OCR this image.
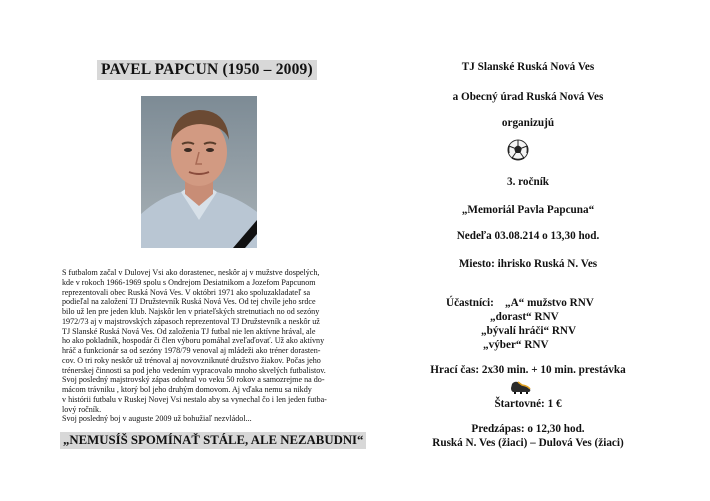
PAVEL PAPCUN (1950 – 2009)
S futbalom začal v Dulovej Vsi ako dorastenec, neskôr aj v mužstve dospelých,
kde v rokoch 1966-1969 spolu s Ondrejom Desiatnikom a Jozefom Papcunom
reprezentovali obec Ruská Nová Ves. V októbri 1971 ako spoluzakladateľ sa
podieľal na založení TJ Družstevník Ruská Nová Ves. Od tej chvíle jeho srdce
bilo už len pre jeden klub. Najskôr len v priateľských stretnutiach no od sezóny
1972/73 aj v majstrovských zápasoch reprezentoval TJ Družstevník a neskôr už
TJ Slanské Ruská Nová Ves. Od založenia TJ futbal nie len aktívne hrával, ale
ho ako pokladník, hospodár či člen výboru pomáhal zveľaďovať. Už ako aktívny
hráč a funkcionár sa od sezóny 1978/79 venoval aj mládeži ako tréner dorasten-
cov. O tri roky neskôr už trénoval aj novovzniknuté družstvo žiakov. Počas jeho
trénerskej činnosti sa pod jeho vedením vypracovalo mnoho skvelých futbalistov.
Svoj posledný majstrovský zápas odohral vo veku 50 rokov a samozrejme na do-
mácom trávniku , ktorý bol jeho druhým domovom. Aj vďaka nemu sa nikdy
v histórii futbalu v Ruskej Novej Vsi nestalo aby sa vynechal čo i len jeden futba-
lový ročník.
Svoj posledný boj v auguste 2009 už bohužiaľ nezvládol...
„NEMUSÍŠ SPOMÍNAŤ STÁLE, ALE NEZABUDNI“
TJ Slanské Ruská Nová Ves
a Obecný úrad Ruská Nová Ves
organizujú
3. ročník
„Memoriál Pavla Papcuna“
Nedeľa 03.08.214 o 13,30 hod.
Miesto: ihrisko Ruská N. Ves
Účastníci: „A“ mužstvo RNV
„dorast“ RNV
„bývalí hráči“ RNV
„výber“ RNV
Hrací čas: 2x30 min. + 10 min. prestávka
Štartovné: 1 €
Predzápas: o 12,30 hod.
Ruská N. Ves (žiaci) – Dulová Ves (žiaci)
